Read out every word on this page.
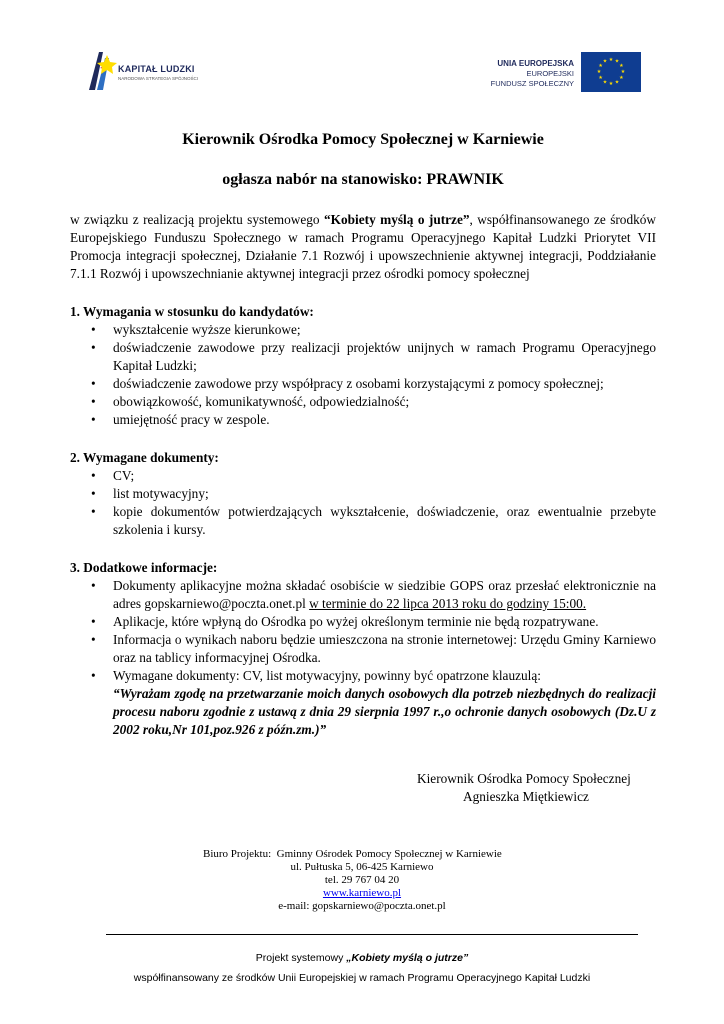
KAPITAŁ LUDZKI
NARODOWA STRATEGIA SPÓJNOŚCI
UNIA EUROPEJSKA
EUROPEJSKI
FUNDUSZ SPOŁECZNY
★ ★
★
★
★
★
★
★
★
★
★
★
Kierownik Ośrodka Pomocy Społecznej w Karniewie
ogłasza nabór na stanowisko: PRAWNIK

w związku z realizacją projektu systemowego “Kobiety myślą o jutrze”, współfinansowanego ze środków Europejskiego Funduszu Społecznego w ramach Programu Operacyjnego Kapitał Ludzki Priorytet VII Promocja integracji społecznej, Działanie 7.1 Rozwój i upowszechnienie aktywnej integracji, Poddziałanie 7.1.1 Rozwój i upowszechnianie aktywnej integracji przez ośrodki pomocy społecznej

1. Wymagania w stosunku do kandydatów:

• wykształcenie wyższe kierunkowe;
• doświadczenie zawodowe przy realizacji projektów unijnych w ramach Programu Operacyjnego Kapitał Ludzki;
• doświadczenie zawodowe przy współpracy z osobami korzystającymi z pomocy społecznej;
• obowiązkowość, komunikatywność, odpowiedzialność;
• umiejętność pracy w zespole.

2. Wymagane dokumenty:

• CV;
• list motywacyjny;
• kopie dokumentów potwierdzających wykształcenie, doświadczenie, oraz ewentualnie przebyte szkolenia i kursy.

3. Dodatkowe informacje:

• Dokumenty aplikacyjne można składać osobiście w siedzibie GOPS oraz przesłać elektronicznie na adres gopskarniewo@poczta.onet.pl w terminie do 22 lipca 2013 roku do godziny 15:00.
• Aplikacje, które wpłyną do Ośrodka po wyżej określonym terminie nie będą rozpatrywane.
• Informacja o wynikach naboru będzie umieszczona na stronie internetowej: Urzędu Gminy Karniewo oraz na tablicy informacyjnej Ośrodka.
• Wymagane dokumenty: CV, list motywacyjny, powinny być opatrzone klauzulą:
“Wyrażam zgodę na przetwarzanie moich danych osobowych dla potrzeb niezbędnych do realizacji procesu naboru zgodnie z ustawą z dnia 29 sierpnia 1997 r.,o ochronie danych osobowych (Dz.U z 2002 roku,Nr 101,poz.926 z późn.zm.)”
Kierownik Ośrodka Pomocy Społecznej
Agnieszka Miętkiewicz
Biuro Projektu: Gminny Ośrodek Pomocy Społecznej w Karniewie
ul. Pułtuska 5, 06-425 Karniewo
tel. 29 767 04 20
www.karniewo.pl
e-mail: gopskarniewo@poczta.onet.pl
Projekt systemowy „Kobiety myślą o jutrze”
współfinansowany ze środków Unii Europejskiej w ramach Programu Operacyjnego Kapitał Ludzki
